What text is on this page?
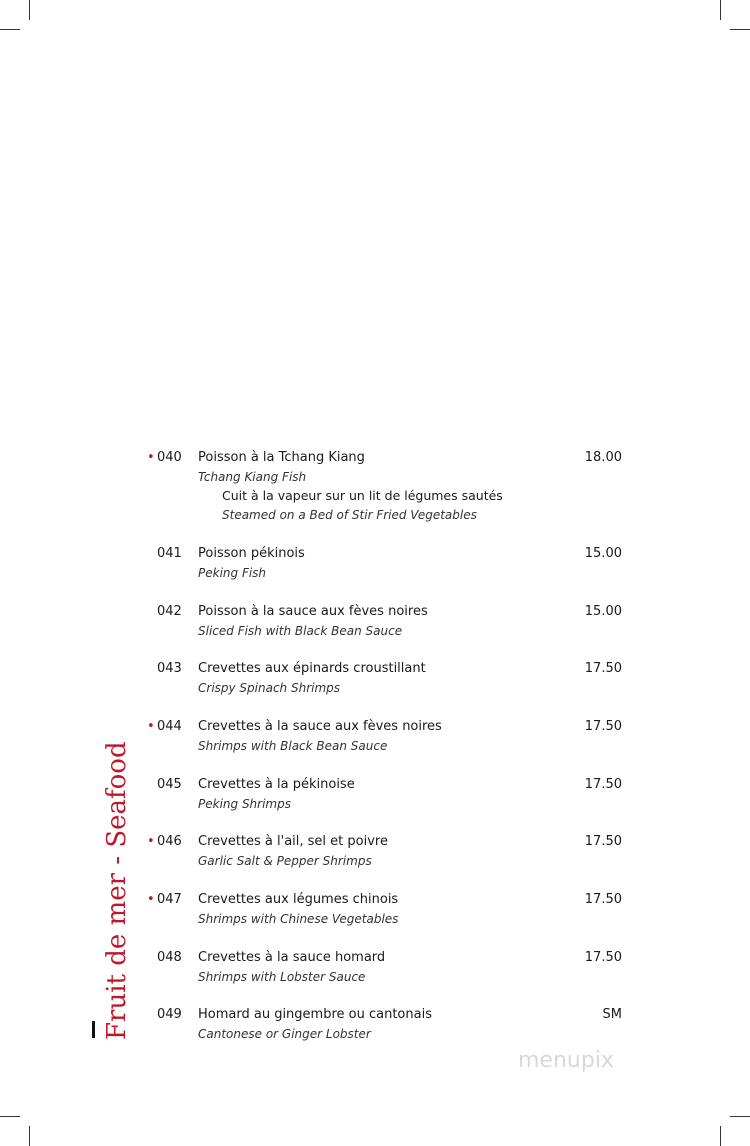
• 040 Poisson à la Tchang Kiang
Tchang Kiang Fish
Cuit à la vapeur sur un lit de légumes sautés
Steamed on a Bed of Stir Fried Vegetables
18.00
041 Poisson pékinois
Peking Fish
15.00
042 Poisson à la sauce aux fèves noires
Sliced Fish with Black Bean Sauce
15.00
043 Crevettes aux épinards croustillant
Crispy Spinach Shrimps
17.50
• 044 Crevettes à la sauce aux fèves noires
Shrimps with Black Bean Sauce
17.50
045 Crevettes à la pékinoise
Peking Shrimps
17.50
• 046 Crevettes à l'ail, sel et poivre
Garlic Salt & Pepper Shrimps
17.50
• 047 Crevettes aux légumes chinois
Shrimps with Chinese Vegetables
17.50
048 Crevettes à la sauce homard
Shrimps with Lobster Sauce
17.50
049 Homard au gingembre ou cantonais
Cantonese or Ginger Lobster
SM
Fruit de mer - Seafood
menupix
